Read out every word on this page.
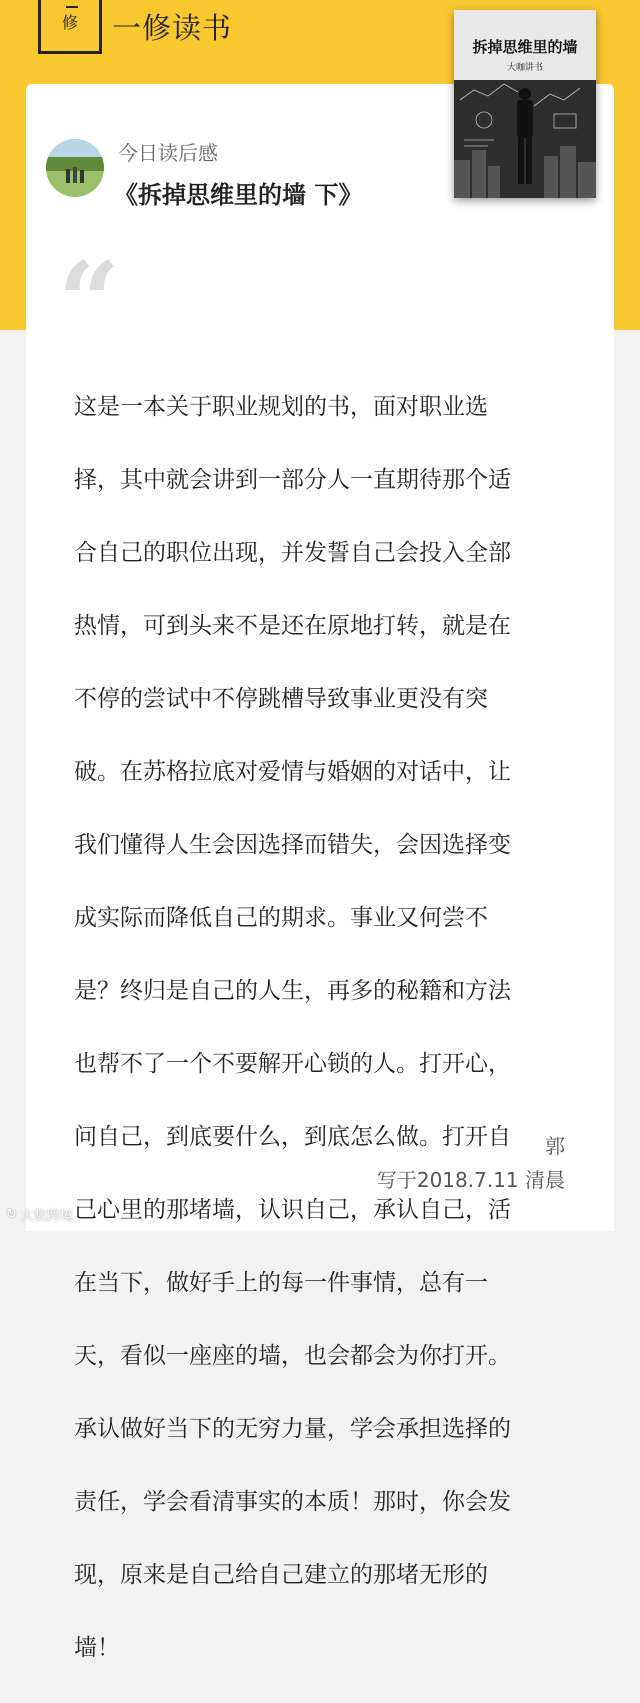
修	一修读书
拆掉思维里的墙
大咖讲书
今日读后感
《拆掉思维里的墙 下》
“

这是一本关于职业规划的书，面对职业选

择，其中就会讲到一部分人一直期待那个适

合自己的职位出现，并发誓自己会投入全部

热情，可到头来不是还在原地打转，就是在

不停的尝试中不停跳槽导致事业更没有突

破。在苏格拉底对爱情与婚姻的对话中，让

我们懂得人生会因选择而错失，会因选择变

成实际而降低自己的期求。事业又何尝不

是？终归是自己的人生，再多的秘籍和方法

也帮不了一个不要解开心锁的人。打开心，

问自己，到底要什么，到底怎么做。打开自

己心里的那堵墙，认识自己，承认自己，活

在当下，做好手上的每一件事情，总有一

天，看似一座座的墙，也会都会为你打开。

承认做好当下的无穷力量，学会承担选择的

责任，学会看清事实的本质！那时，你会发

现，原来是自己给自己建立的那堵无形的

墙！

郭
写于2018.7.11 清晨
↻ 大数跨境
